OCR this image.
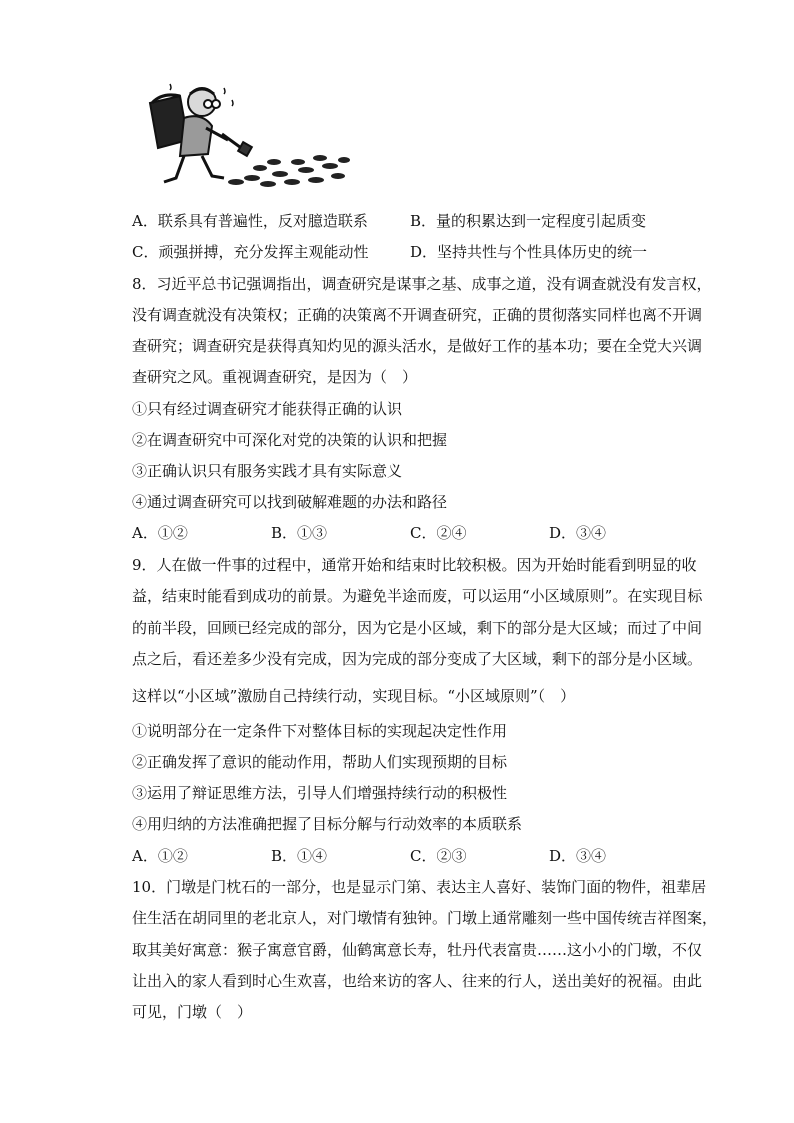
A．联系具有普遍性，反对臆造联系	B．量的积累达到一定程度引起质变
C．顽强拼搏，充分发挥主观能动性	D．坚持共性与个性具体历史的统一
8．习近平总书记强调指出，调查研究是谋事之基、成事之道，没有调查就没有发言权，
没有调查就没有决策权；正确的决策离不开调查研究，正确的贯彻落实同样也离不开调
查研究；调查研究是获得真知灼见的源头活水，是做好工作的基本功；要在全党大兴调
查研究之风。重视调查研究，是因为（　）
①只有经过调查研究才能获得正确的认识
②在调查研究中可深化对党的决策的认识和把握
③正确认识只有服务实践才具有实际意义
④通过调查研究可以找到破解难题的办法和路径
A．①②	B．①③	C．②④	D．③④
9．人在做一件事的过程中，通常开始和结束时比较积极。因为开始时能看到明显的收
益，结束时能看到成功的前景。为避免半途而废，可以运用“小区域原则”。在实现目标
的前半段，回顾已经完成的部分，因为它是小区域，剩下的部分是大区域；而过了中间
点之后，看还差多少没有完成，因为完成的部分变成了大区域，剩下的部分是小区域。
这样以“小区域”激励自己持续行动，实现目标。“小区域原则”（　）
①说明部分在一定条件下对整体目标的实现起决定性作用
②正确发挥了意识的能动作用，帮助人们实现预期的目标
③运用了辩证思维方法，引导人们增强持续行动的积极性
④用归纳的方法准确把握了目标分解与行动效率的本质联系
A．①②	B．①④	C．②③	D．③④
10．门墩是门枕石的一部分，也是显示门第、表达主人喜好、装饰门面的物件，祖辈居
住生活在胡同里的老北京人，对门墩情有独钟。门墩上通常雕刻一些中国传统吉祥图案，
取其美好寓意：猴子寓意官爵，仙鹤寓意长寿，牡丹代表富贵……这小小的门墩，不仅
让出入的家人看到时心生欢喜，也给来访的客人、往来的行人，送出美好的祝福。由此
可见，门墩（　）
